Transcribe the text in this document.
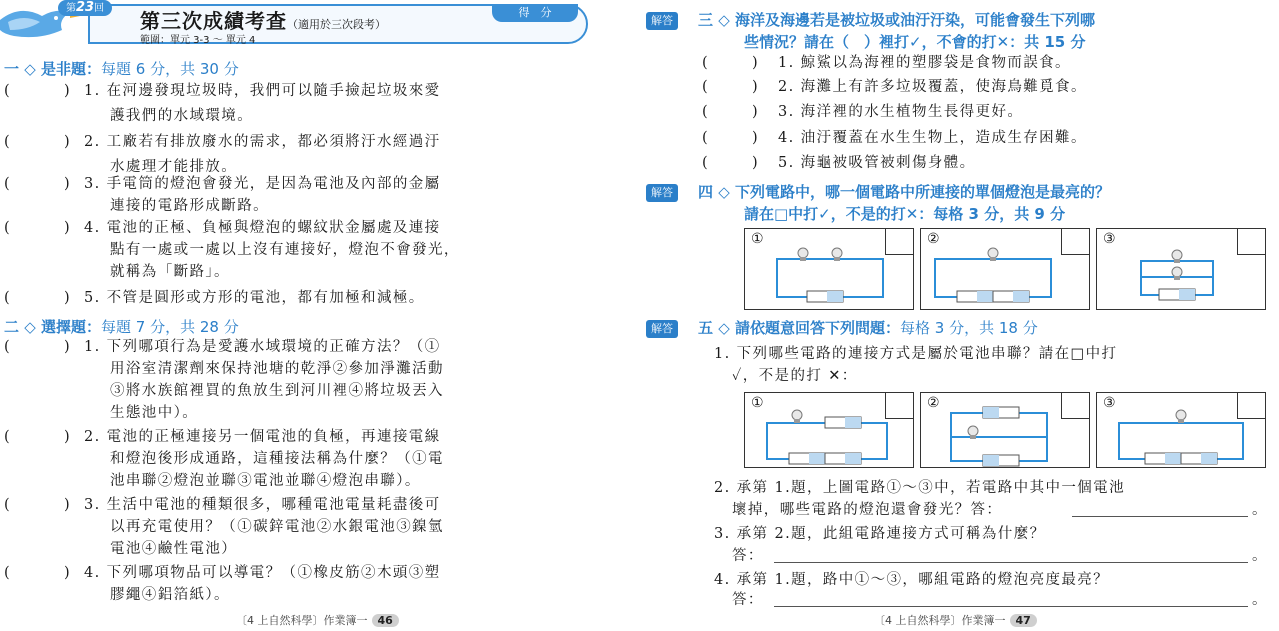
得　分
第23回
第三次成績考查（適用於三次段考）
範圍：單元 3-3 ～ 單元 4
一 ◇ 是非題：每題 6 分，共 30 分
( )	1. 在河邊發現垃圾時，我們可以隨手撿起垃圾來愛
護我們的水域環境。
( )	2. 工廠若有排放廢水的需求，都必須將汙水經過汙
水處理才能排放。
( )	3. 手電筒的燈泡會發光，是因為電池及內部的金屬
連接的電路形成斷路。
( )	4. 電池的正極、負極與燈泡的螺紋狀金屬處及連接
點有一處或一處以上沒有連接好，燈泡不會發光，
就稱為「斷路」。
( )	5. 不管是圓形或方形的電池，都有加極和減極。
二 ◇ 選擇題：每題 7 分，共 28 分
( )	1. 下列哪項行為是愛護水域環境的正確方法？（①
用浴室清潔劑來保持池塘的乾淨②參加淨灘活動
③將水族館裡買的魚放生到河川裡④將垃圾丟入
生態池中）。
( )	2. 電池的正極連接另一個電池的負極，再連接電線
和燈泡後形成通路，這種接法稱為什麼？（①電
池串聯②燈泡並聯③電池並聯④燈泡串聯）。
( )	3. 生活中電池的種類很多，哪種電池電量耗盡後可
以再充電使用？（①碳鋅電池②水銀電池③鎳氫
電池④鹼性電池）
( )	4. 下列哪項物品可以導電？（①橡皮筋②木頭③塑
膠繩④鋁箔紙）。
〔4 上自然科學〕作業簿一 46
解答	三 ◇ 海洋及海邊若是被垃圾或油汙汙染，可能會發生下列哪
些情況？請在（　）裡打✓，不會的打✕：共 15 分
( )	1. 鯨鯊以為海裡的塑膠袋是食物而誤食。
( )	2. 海灘上有許多垃圾覆蓋，使海鳥難覓食。
( )	3. 海洋裡的水生植物生長得更好。
( )	4. 油汙覆蓋在水生生物上，造成生存困難。
( )	5. 海龜被吸管被刺傷身體。
解答	四 ◇ 下列電路中，哪一個電路中所連接的單個燈泡是最亮的？
請在□中打✓，不是的打✕：每格 3 分，共 9 分
①	②	③
解答	五 ◇ 請依題意回答下列問題：每格 3 分，共 18 分
1. 下列哪些電路的連接方式是屬於電池串聯？請在□中打
✓，不是的打 ✕：
①	②	③
2. 承第 1.題，上圖電路①～③中，若電路中其中一個電池
壞掉，哪些電路的燈泡還會發光？答：	。
3. 承第 2.題，此組電路連接方式可稱為什麼？
答：	。
4. 承第 1.題，路中①～③，哪組電路的燈泡亮度最亮？
答：	。
〔4 上自然科學〕作業簿一 47
